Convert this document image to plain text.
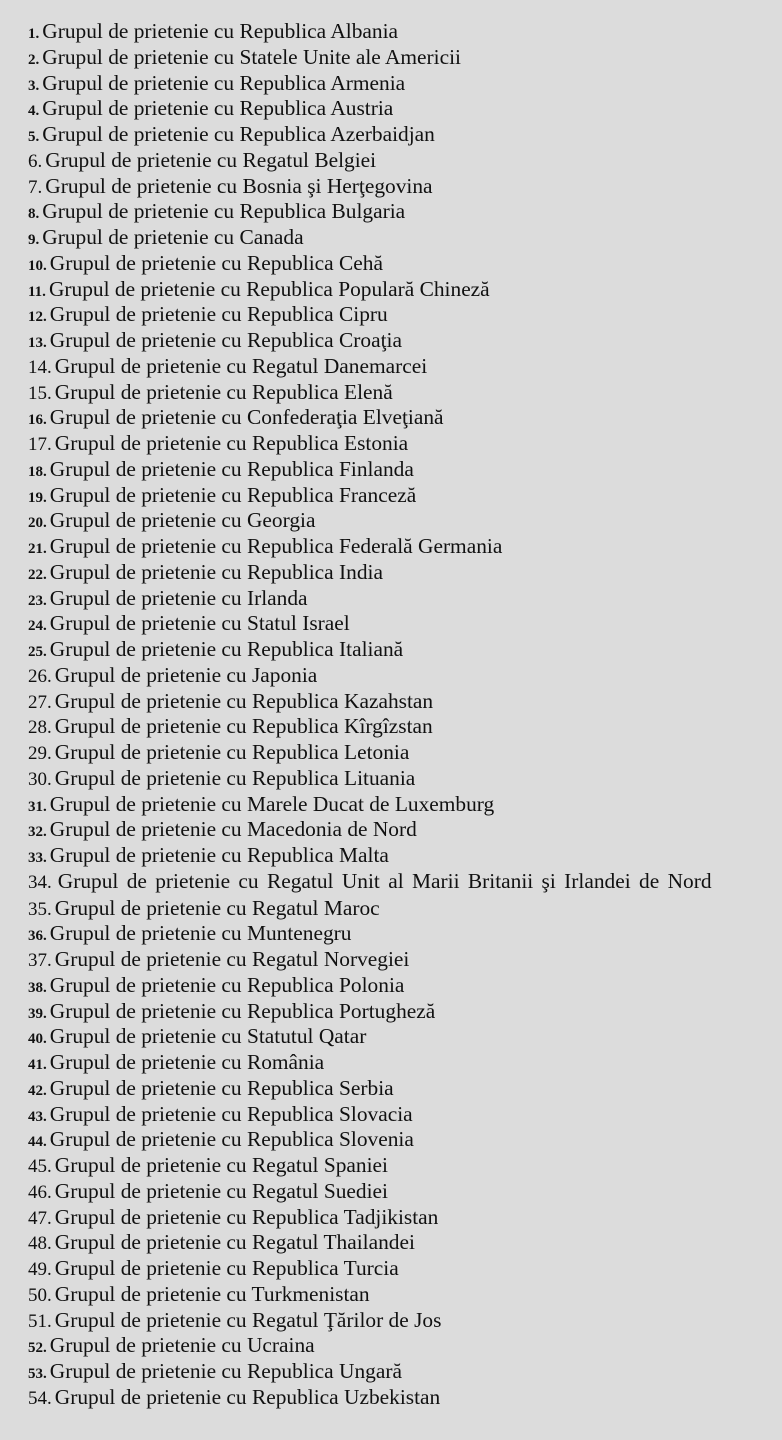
1. Grupul de prietenie cu Republica Albania
2. Grupul de prietenie cu Statele Unite ale Americii
3. Grupul de prietenie cu Republica Armenia
4. Grupul de prietenie cu Republica Austria
5. Grupul de prietenie cu Republica Azerbaidjan
6. Grupul de prietenie cu Regatul Belgiei
7. Grupul de prietenie cu Bosnia şi Herţegovina
8. Grupul de prietenie cu Republica Bulgaria
9. Grupul de prietenie cu Canada
10. Grupul de prietenie cu Republica Cehă
11. Grupul de prietenie cu Republica Populară Chineză
12. Grupul de prietenie cu Republica Cipru
13. Grupul de prietenie cu Republica Croaţia
14. Grupul de prietenie cu Regatul Danemarcei
15. Grupul de prietenie cu Republica Elenă
16. Grupul de prietenie cu Confederaţia Elveţiană
17. Grupul de prietenie cu Republica Estonia
18. Grupul de prietenie cu Republica Finlanda
19. Grupul de prietenie cu Republica Franceză
20. Grupul de prietenie cu Georgia
21. Grupul de prietenie cu Republica Federală Germania
22. Grupul de prietenie cu Republica India
23. Grupul de prietenie cu Irlanda
24. Grupul de prietenie cu Statul Israel
25. Grupul de prietenie cu Republica Italiană
26. Grupul de prietenie cu Japonia
27. Grupul de prietenie cu Republica Kazahstan
28. Grupul de prietenie cu Republica Kîrgîzstan
29. Grupul de prietenie cu Republica Letonia
30. Grupul de prietenie cu Republica Lituania
31. Grupul de prietenie cu Marele Ducat de Luxemburg
32. Grupul de prietenie cu Macedonia de Nord
33. Grupul de prietenie cu Republica Malta
34. Grupul de prietenie cu Regatul Unit al Marii Britanii şi Irlandei de Nord
35. Grupul de prietenie cu Regatul Maroc
36. Grupul de prietenie cu Muntenegru
37. Grupul de prietenie cu Regatul Norvegiei
38. Grupul de prietenie cu Republica Polonia
39. Grupul de prietenie cu Republica Portugheză
40. Grupul de prietenie cu Statutul Qatar
41. Grupul de prietenie cu România
42. Grupul de prietenie cu Republica Serbia
43. Grupul de prietenie cu Republica Slovacia
44. Grupul de prietenie cu Republica Slovenia
45. Grupul de prietenie cu Regatul Spaniei
46. Grupul de prietenie cu Regatul Suediei
47. Grupul de prietenie cu Republica Tadjikistan
48. Grupul de prietenie cu Regatul Thailandei
49. Grupul de prietenie cu Republica Turcia
50. Grupul de prietenie cu Turkmenistan
51. Grupul de prietenie cu Regatul Ţărilor de Jos
52. Grupul de prietenie cu Ucraina
53. Grupul de prietenie cu Republica Ungară
54. Grupul de prietenie cu Republica Uzbekistan
